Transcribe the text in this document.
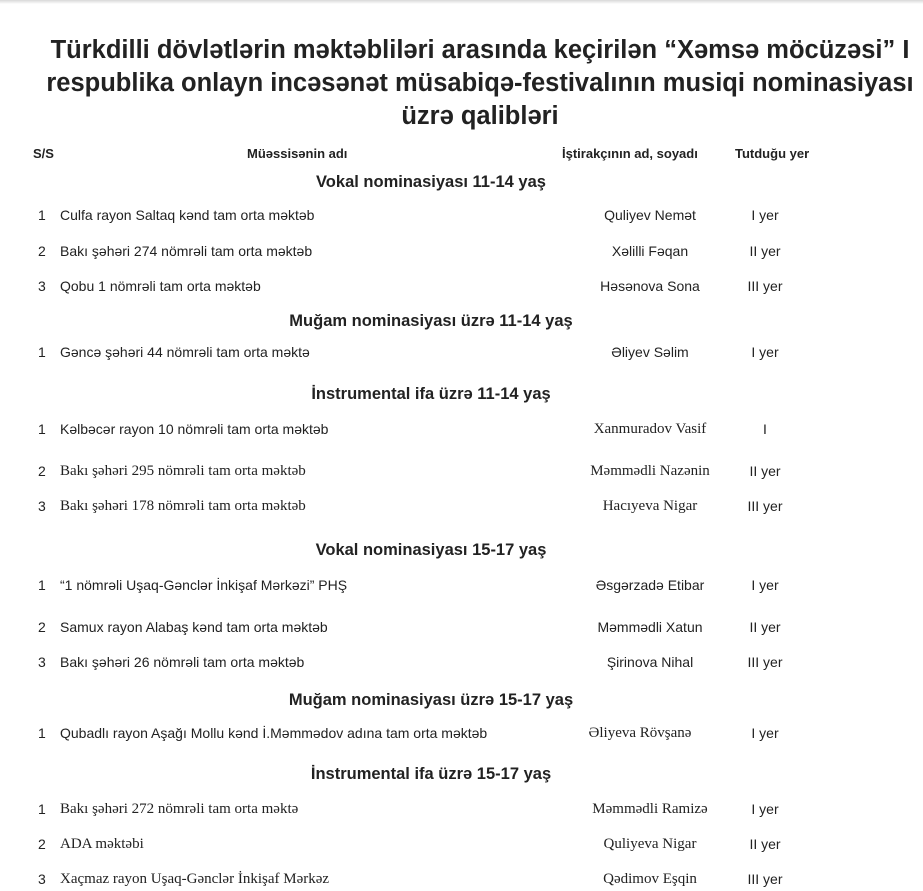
Türkdilli dövlətlərin məktəbliləri arasında keçirilən “Xəmsə möcüzəsi” I respublika onlayn incəsənət müsabiqə-festivalının musiqi nominasiyası üzrə qalibləri
S/S	Müəssisənin adı	İştirakçının ad, soyadı	Tutduğu yer
Vokal nominasiyası 11-14 yaş
1 Culfa rayon Saltaq kənd tam orta məktəb	Quliyev Nemət	I yer
2 Bakı şəhəri 274 nömrəli tam orta məktəb	Xəlilli Fəqan	II yer
3 Qobu 1 nömrəli tam orta məktəb	Həsənova Sona	III yer
Muğam nominasiyası üzrə 11-14 yaş
1 Gəncə şəhəri 44 nömrəli tam orta məktə	Əliyev Səlim	I yer
İnstrumental ifa üzrə 11-14 yaş
1 Kəlbəcər rayon 10 nömrəli tam orta məktəb	Xanmuradov Vasif	I
2 Bakı şəhəri 295 nömrəli tam orta məktəb	Məmmədli Nazənin	II yer
3 Bakı şəhəri 178 nömrəli tam orta məktəb	Hacıyeva Nigar	III yer
Vokal nominasiyası 15-17 yaş
1 “1 nömrəli Uşaq-Gənclər İnkişaf Mərkəzi” PHŞ	Əsgərzadə Etibar	I yer
2 Samux rayon Alabaş kənd tam orta məktəb	Məmmədli Xatun	II yer
3 Bakı şəhəri 26 nömrəli tam orta məktəb	Şirinova Nihal	III yer
Muğam nominasiyası üzrə 15-17 yaş
1 Qubadlı rayon Aşağı Mollu kənd İ.Məmmədov adına tam orta məktəb	Əliyeva Rövşanə	I yer
İnstrumental ifa üzrə 15-17 yaş
1 Bakı şəhəri 272 nömrəli tam orta məktə	Məmmədli Ramizə	I yer
2 ADA məktəbi	Quliyeva Nigar	II yer
3 Xaçmaz rayon Uşaq-Gənclər İnkişaf Mərkəz	Qədimov Eşqin	III yer
